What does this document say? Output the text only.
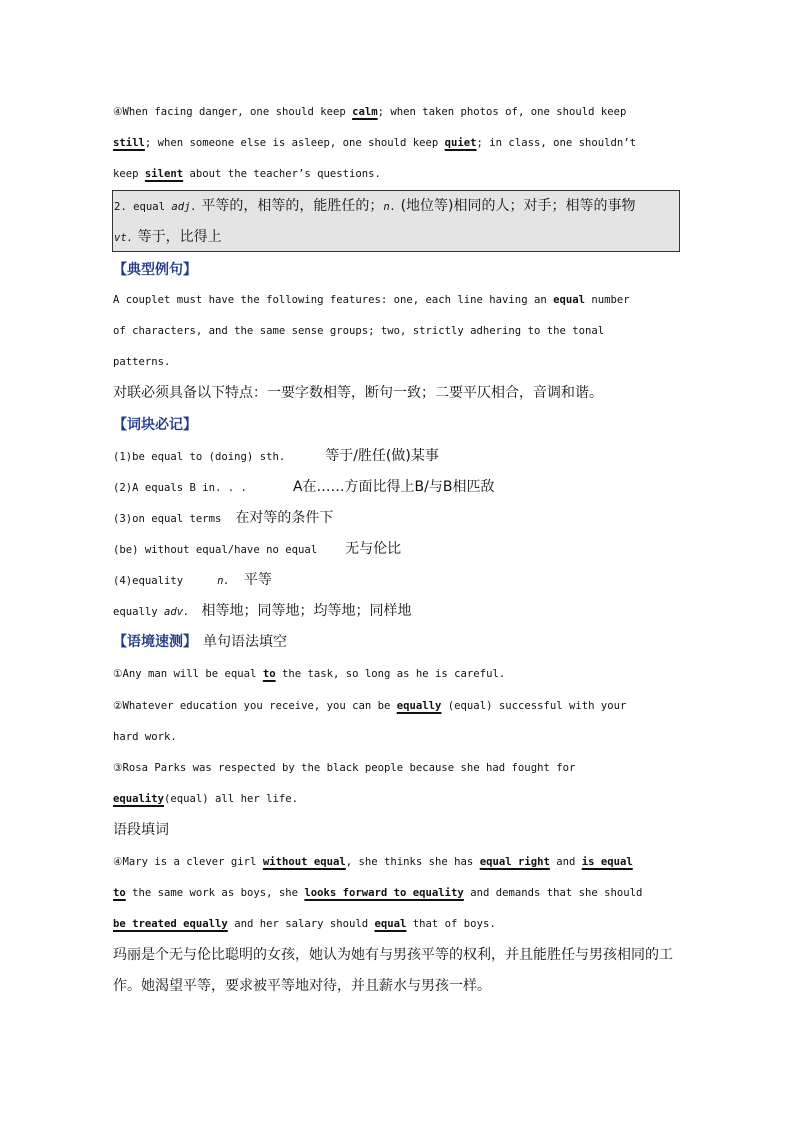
④When facing danger, one should keep calm; when taken photos of, one should keep
still; when someone else is asleep, one should keep quiet; in class, one shouldn’t
keep silent about the teacher’s questions.
2. equal adj. 平等的，相等的，能胜任的；n. (地位等)相同的人；对手；相等的事物
vt. 等于，比得上
【典型例句】
A couplet must have the following features: one, each line having an equal number
of characters, and the same sense groups; two, strictly adhering to the tonal
patterns.
对联必须具备以下特点：一要字数相等，断句一致；二要平仄相合，音调和谐。
【词块必记】
(1)be equal to (doing) sth.	等于/胜任(做)某事
(2)A equals B in. . .	A在……方面比得上B/与B相匹敌
(3)on equal terms 在对等的条件下
(be) without equal/have no equal 无与伦比
(4)equality	n. 平等
equally adv. 相等地；同等地；均等地；同样地
【语境速测】 单句语法填空
①Any man will be equal to the task, so long as he is careful.
②Whatever education you receive, you can be equally (equal) successful with your
hard work.
③Rosa Parks was respected by the black people because she had fought for
equality(equal) all her life.
语段填词
④Mary is a clever girl without equal, she thinks she has equal right and is equal
to the same work as boys, she looks forward to equality and demands that she should
be treated equally and her salary should equal that of boys.
玛丽是个无与伦比聪明的女孩，她认为她有与男孩平等的权利，并且能胜任与男孩相同的工
作。她渴望平等，要求被平等地对待，并且薪水与男孩一样。
